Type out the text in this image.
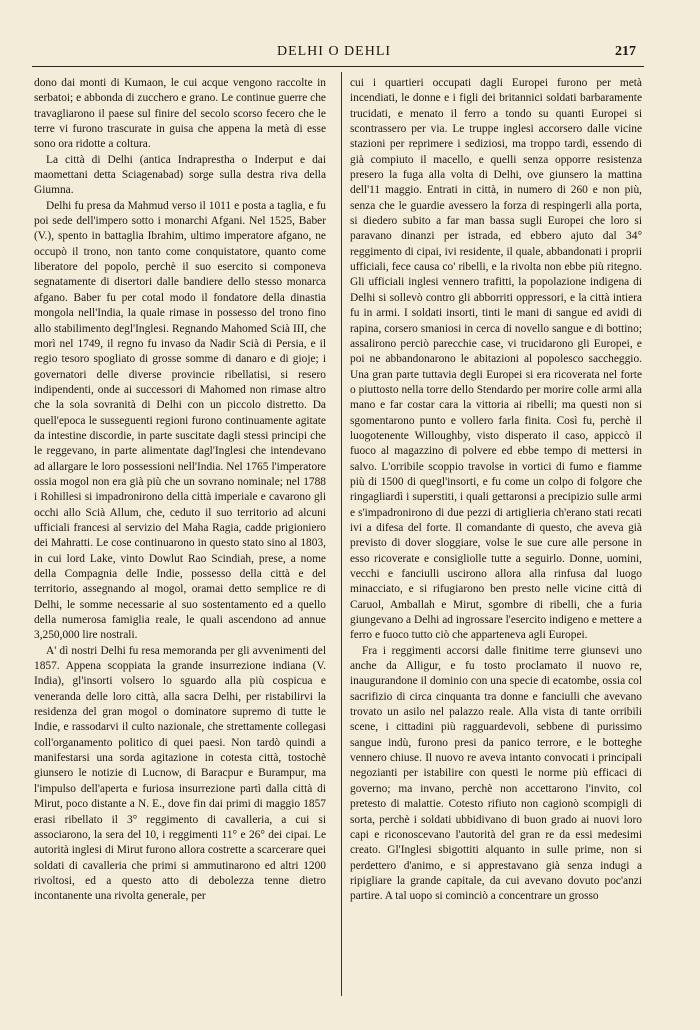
DELHI O DEHLI	217

dono dai monti di Kumaon, le cui acque vengono raccolte in serbatoi; e abbonda di zucchero e grano. Le continue guerre che travagliarono il paese sul finire del secolo scorso fecero che le terre vi furono trascurate in guisa che appena la metà di esse sono ora ridotte a coltura.

La città di Delhi (antica Indraprestha o Inderput e dai maomettani detta Sciagenabad) sorge sulla destra riva della Giumna.

Delhi fu presa da Mahmud verso il 1011 e posta a taglia, e fu poi sede dell'impero sotto i monarchi Afgani. Nel 1525, Baber (V.), spento in battaglia Ibrahim, ultimo imperatore afgano, ne occupò il trono, non tanto come conquistatore, quanto come liberatore del popolo, perchè il suo esercito si componeva segnatamente di disertori dalle bandiere dello stesso monarca afgano. Baber fu per cotal modo il fondatore della dinastia mongola nell'India, la quale rimase in possesso del trono fino allo stabilimento degl'Inglesi. Regnando Mahomed Scià III, che morì nel 1749, il regno fu invaso da Nadir Scià di Persia, e il regio tesoro spogliato di grosse somme di danaro e di gioje; i governatori delle diverse provincie ribellatisi, si resero indipendenti, onde ai successori di Mahomed non rimase altro che la sola sovranità di Delhi con un piccolo distretto. Da quell'epoca le susseguenti regioni furono continuamente agitate da intestine discordie, in parte suscitate dagli stessi principi che le reggevano, in parte alimentate dagl'Inglesi che intendevano ad allargare le loro possessioni nell'India. Nel 1765 l'imperatore ossia mogol non era già più che un sovrano nominale; nel 1788 i Rohillesi si impadronirono della città imperiale e cavarono gli occhi allo Scià Allum, che, ceduto il suo territorio ad alcuni ufficiali francesi al servizio del Maha Ragia, cadde prigioniero dei Mahratti. Le cose continuarono in questo stato sino al 1803, in cui lord Lake, vinto Dowlut Rao Scindiah, prese, a nome della Compagnia delle Indie, possesso della città e del territorio, assegnando al mogol, oramai detto semplice re di Delhi, le somme necessarie al suo sostentamento ed a quello della numerosa famiglia reale, le quali ascendono ad annue 3,250,000 lire nostrali.

A' dì nostri Delhi fu resa memoranda per gli avvenimenti del 1857. Appena scoppiata la grande insurrezione indiana (V. India), gl'insorti volsero lo sguardo alla più cospicua e veneranda delle loro città, alla sacra Delhi, per ristabilirvi la residenza del gran mogol o dominatore supremo di tutte le Indie, e rassodarvi il culto nazionale, che strettamente collegasi coll'organamento politico di quei paesi. Non tardò quindi a manifestarsi una sorda agitazione in cotesta città, tostochè giunsero le notizie di Lucnow, di Baracpur e Burampur, ma l'impulso dell'aperta e furiosa insurrezione partì dalla città di Mirut, poco distante a N. E., dove fin dai primi di maggio 1857 erasi ribellato il 3° reggimento di cavalleria, a cui si associarono, la sera del 10, i reggimenti 11° e 26° dei cipai. Le autorità inglesi di Mirut furono allora costrette a scarcerare quei soldati di cavalleria che primi si ammutinarono ed altri 1200 rivoltosi, ed a questo atto di debolezza tenne dietro incontanente una rivolta generale, per

cui i quartieri occupati dagli Europei furono per metà incendiati, le donne e i figli dei britannici soldati barbaramente trucidati, e menato il ferro a tondo su quanti Europei si scontrassero per via. Le truppe inglesi accorsero dalle vicine stazioni per reprimere i sediziosi, ma troppo tardi, essendo di già compiuto il macello, e quelli senza opporre resistenza presero la fuga alla volta di Delhi, ove giunsero la mattina dell'11 maggio. Entrati in città, in numero di 260 e non più, senza che le guardie avessero la forza di respingerli alla porta, si diedero subito a far man bassa sugli Europei che loro si paravano dinanzi per istrada, ed ebbero ajuto dal 34° reggimento di cipai, ivi residente, il quale, abbandonati i proprii ufficiali, fece causa co' ribelli, e la rivolta non ebbe più ritegno. Gli ufficiali inglesi vennero trafitti, la popolazione indigena di Delhi si sollevò contro gli abborriti oppressori, e la città intiera fu in armi. I soldati insorti, tinti le mani di sangue ed avidi di rapina, corsero smaniosi in cerca di novello sangue e di bottino; assalirono perciò parecchie case, vi trucidarono gli Europei, e poi ne abbandonarono le abitazioni al popolesco saccheggio. Una gran parte tuttavia degli Europei si era ricoverata nel forte o piuttosto nella torre dello Stendardo per morire colle armi alla mano e far costar cara la vittoria ai ribelli; ma questi non si sgomentarono punto e vollero farla finita. Così fu, perchè il luogotenente Willoughby, visto disperato il caso, appiccò il fuoco al magazzino di polvere ed ebbe tempo di mettersi in salvo. L'orribile scoppio travolse in vortici di fumo e fiamme più di 1500 di quegl'insorti, e fu come un colpo di folgore che ringagliardì i superstiti, i quali gettaronsi a precipizio sulle armi e s'impadronirono di due pezzi di artiglieria ch'erano stati recati ivi a difesa del forte. Il comandante di questo, che aveva già previsto di dover sloggiare, volse le sue cure alle persone in esso ricoverate e consigliolle tutte a seguirlo. Donne, uomini, vecchi e fanciulli uscirono allora alla rinfusa dal luogo minacciato, e si rifugiarono ben presto nelle vicine città di Caruol, Amballah e Mirut, sgombre di ribelli, che a furia giungevano a Delhi ad ingrossare l'esercito indigeno e mettere a ferro e fuoco tutto ciò che apparteneva agli Europei.

Fra i reggimenti accorsi dalle finitime terre giunsevi uno anche da Alligur, e fu tosto proclamato il nuovo re, inaugurandone il dominio con una specie di ecatombe, ossia col sacrifizio di circa cinquanta tra donne e fanciulli che avevano trovato un asilo nel palazzo reale. Alla vista di tante orribili scene, i cittadini più ragguardevoli, sebbene di purissimo sangue indù, furono presi da panico terrore, e le botteghe vennero chiuse. Il nuovo re aveva intanto convocati i principali negozianti per istabilire con questi le norme più efficaci di governo; ma invano, perchè non accettarono l'invito, col pretesto di malattie. Cotesto rifiuto non cagionò scompigli di sorta, perchè i soldati ubbidivano di buon grado ai nuovi loro capi e riconoscevano l'autorità del gran re da essi medesimi creato. Gl'Inglesi sbigottiti alquanto in sulle prime, non si perdettero d'animo, e si apprestavano già senza indugi a ripigliare la grande capitale, da cui avevano dovuto poc'anzi partire. A tal uopo si cominciò a concentrare un grosso
